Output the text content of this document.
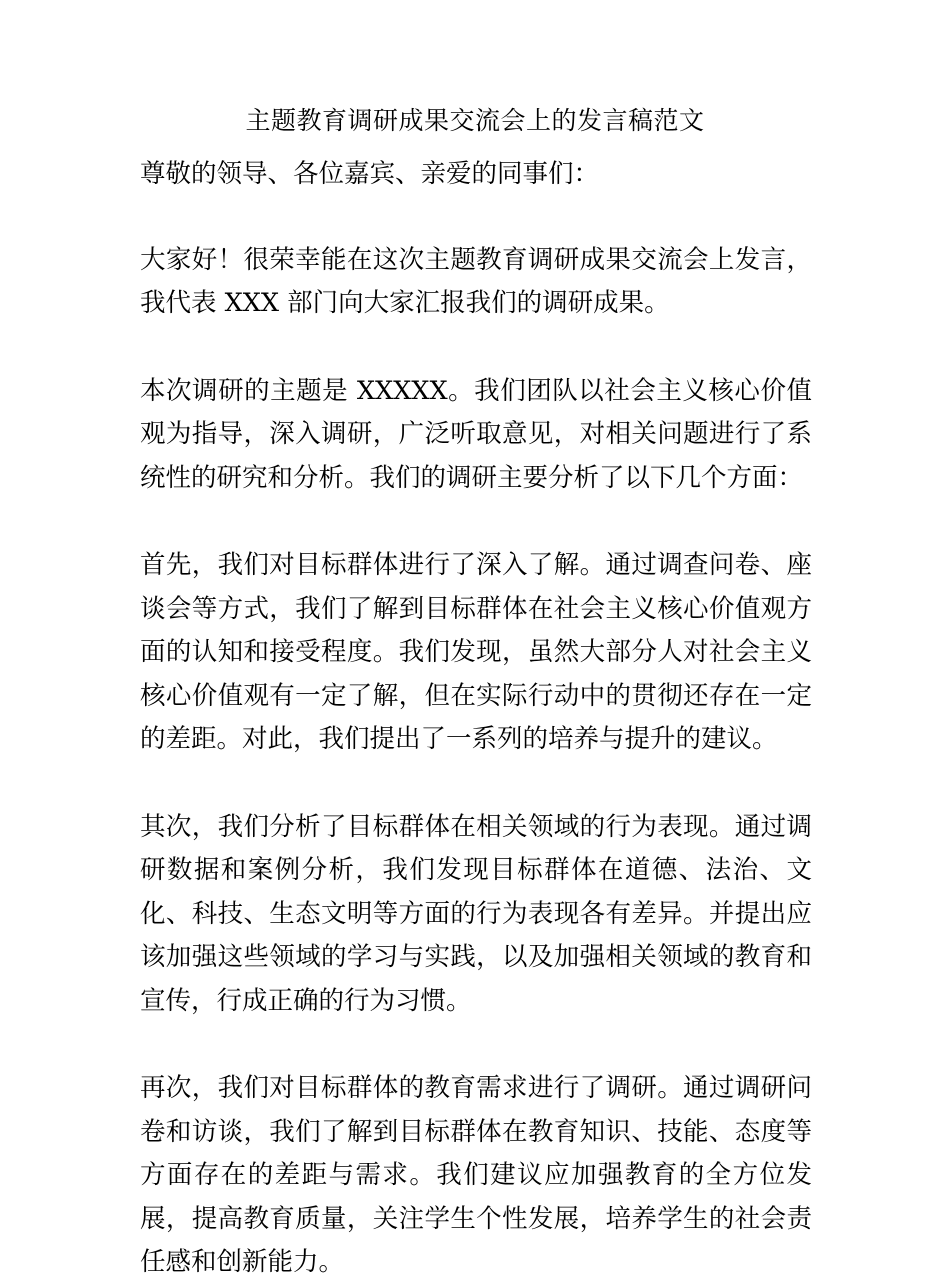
主题教育调研成果交流会上的发言稿范文

尊敬的领导、各位嘉宾、亲爱的同事们：

大家好！很荣幸能在这次主题教育调研成果交流会上发言，我代表 XXX 部门向大家汇报我们的调研成果。

本次调研的主题是 XXXXX。我们团队以社会主义核心价值观为指导，深入调研，广泛听取意见，对相关问题进行了系统性的研究和分析。我们的调研主要分析了以下几个方面：

首先，我们对目标群体进行了深入了解。通过调查问卷、座谈会等方式，我们了解到目标群体在社会主义核心价值观方面的认知和接受程度。我们发现，虽然大部分人对社会主义核心价值观有一定了解，但在实际行动中的贯彻还存在一定的差距。对此，我们提出了一系列的培养与提升的建议。

其次，我们分析了目标群体在相关领域的行为表现。通过调研数据和案例分析，我们发现目标群体在道德、法治、文化、科技、生态文明等方面的行为表现各有差异。并提出应该加强这些领域的学习与实践，以及加强相关领域的教育和宣传，行成正确的行为习惯。

再次，我们对目标群体的教育需求进行了调研。通过调研问卷和访谈，我们了解到目标群体在教育知识、技能、态度等方面存在的差距与需求。我们建议应加强教育的全方位发展，提高教育质量，关注学生个性发展，培养学生的社会责任感和创新能力。
